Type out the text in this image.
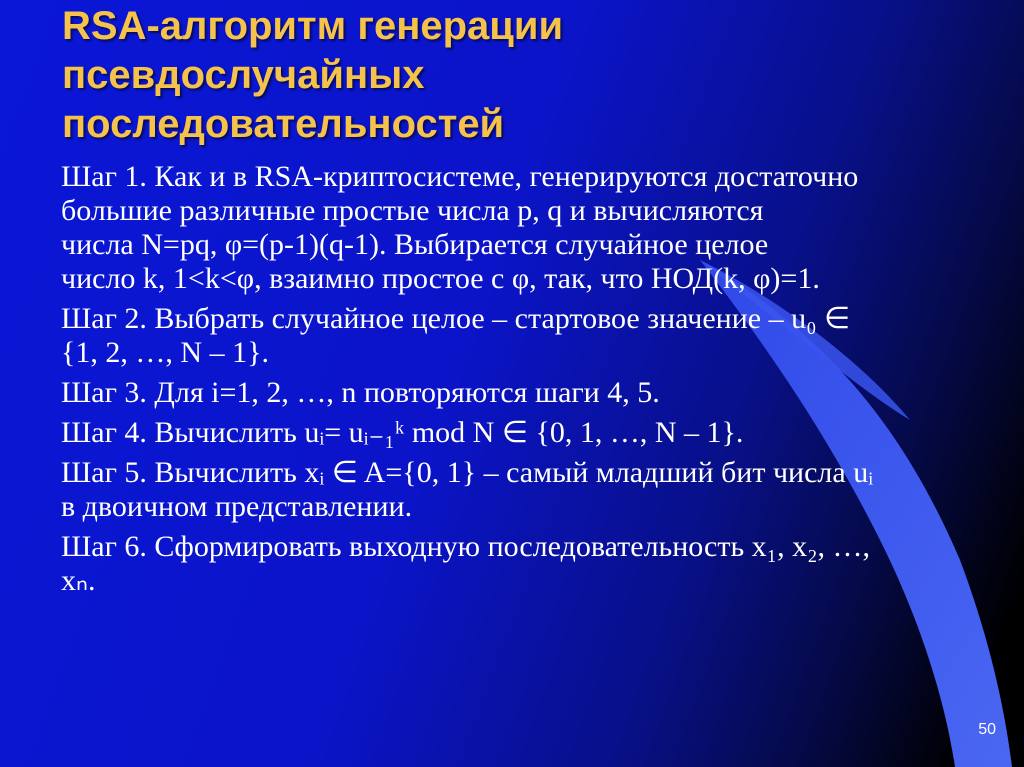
RSA-алгоритм генерации
псевдослучайных
последовательностей

Шаг 1. Как и в RSA-криптосистеме, генерируются достаточно
большие различные простые числа p, q и вычисляются
числа N=pq, φ=(p-1)(q-1). Выбирается случайное целое
число k, 1<k<φ, взаимно простое с φ, так, что НОД(k, φ)=1.

Шаг 2. Выбрать случайное целое – стартовое значение – u₀ ∈
{1, 2, …, N – 1}.

Шаг 3. Для i=1, 2, …, n повторяются шаги 4, 5.

Шаг 4. Вычислить uᵢ= uᵢ₋₁ᵏ mod N ∈ {0, 1, …, N – 1}.

Шаг 5. Вычислить xᵢ ∈ A={0, 1} – самый младший бит числа uᵢ
в двоичном представлении.

Шаг 6. Сформировать выходную последовательность x₁, x₂, …,
xₙ.

50
